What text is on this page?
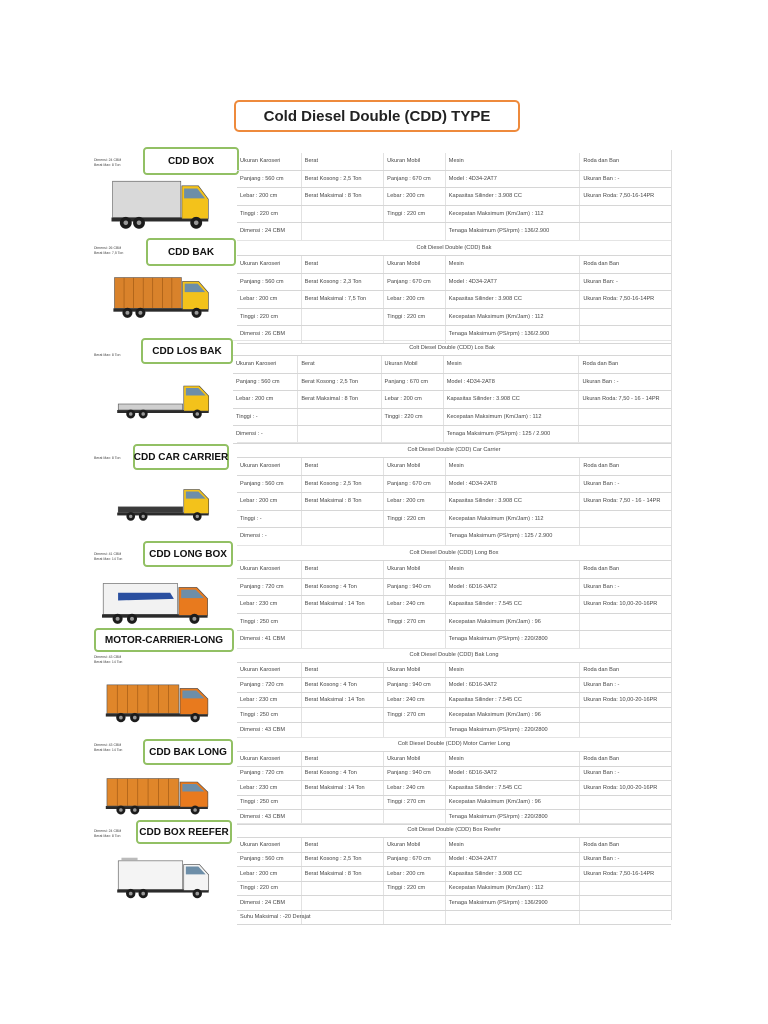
Cold Diesel Double (CDD) TYPE
CDD BOX
Dimensi: 24 CBM
Berat Max: 8 Ton
Ukuran Karoseri	Berat	Ukuran Mobil	Mesin	Roda dan Ban
Panjang : 560 cm	Berat Kosong : 2,5 Ton	Panjang : 670 cm	Model : 4D34-2AT7	Ukuran Ban : -
Lebar : 200 cm	Berat Maksimal : 8 Ton	Lebar : 200 cm	Kapasitas Silinder : 3.908 CC	Ukuran Roda: 7,50-16-14PR
Tinggi : 220 cm		Tinggi : 220 cm	Kecepatan Maksimum (Km/Jam) : 112	
Dimensi : 24 CBM			Tenaga Maksimum (PS/rpm) : 136/2.900	
CDD BAK
Dimensi: 26 CBM
Berat Max: 7,5 Ton
Colt Diesel Double (CDD) Bak
Ukuran Karoseri	Berat	Ukuran Mobil	Mesin	Roda dan Ban
Panjang : 560 cm	Berat Kosong : 2,3 Ton	Panjang : 670 cm	Model : 4D34-2AT7	Ukuran Ban: -
Lebar : 200 cm	Berat Maksimal : 7,5 Ton	Lebar : 200 cm	Kapasitas Silinder : 3.908 CC	Ukuran Roda: 7,50-16-14PR
Tinggi : 220 cm		Tinggi : 220 cm	Kecepatan Maksimum (Km/Jam) : 112	
Dimensi : 26 CBM			Tenaga Maksimum (PS/rpm) : 136/2.900	
CDD LOS BAK
Berat Max: 8 Ton
Colt Diesel Double (CDD) Los Bak
Ukuran Karoseri	Berat	Ukuran Mobil	Mesin	Roda dan Ban
Panjang : 560 cm	Berat Kosong : 2,5 Ton	Panjang : 670 cm	Model : 4D34-2AT8	Ukuran Ban : -
Lebar : 200 cm	Berat Maksimal : 8 Ton	Lebar : 200 cm	Kapasitas Silinder : 3.908 CC	Ukuran Roda: 7,50 - 16 - 14PR
Tinggi : -		Tinggi : 220 cm	Kecepatan Maksimum (Km/Jam) : 112	
Dimensi : -			Tenaga Maksimum (PS/rpm) : 125 / 2.900	
CDD CAR CARRIER
Berat Max: 8 Ton
Colt Diesel Double (CDD) Car Carrier
Ukuran Karoseri	Berat	Ukuran Mobil	Mesin	Roda dan Ban
Panjang : 560 cm	Berat Kosong : 2,5 Ton	Panjang : 670 cm	Model : 4D34-2AT8	Ukuran Ban : -
Lebar : 200 cm	Berat Maksimal : 8 Ton	Lebar : 200 cm	Kapasitas Silinder : 3.908 CC	Ukuran Roda: 7,50 - 16 - 14PR
Tinggi : -		Tinggi : 220 cm	Kecepatan Maksimum (Km/Jam) : 112	
Dimensi : -			Tenaga Maksimum (PS/rpm) : 125 / 2.900	
CDD LONG BOX
Dimensi: 41 CBM
Berat Max: 14 Ton
Colt Diesel Double (CDD) Long Box
Ukuran Karoseri	Berat	Ukuran Mobil	Mesin	Roda dan Ban
Panjang : 720 cm	Berat Kosong : 4 Ton	Panjang : 940 cm	Model : 6D16-3AT2	Ukuran Ban : -
Lebar : 230 cm	Berat Maksimal : 14 Ton	Lebar : 240 cm	Kapasitas Silinder : 7.545 CC	Ukuran Roda: 10,00-20-16PR
Tinggi : 250 cm		Tinggi : 270 cm	Kecepatan Maksimum (Km/Jam) : 96	
Dimensi : 41 CBM			Tenaga Maksimum (PS/rpm) : 220/2800	
MOTOR-CARRIER-LONG
Dimensi: 43 CBM
Berat Max: 14 Ton
Colt Diesel Double (CDD) Bak Long
Ukuran Karoseri	Berat	Ukuran Mobil	Mesin	Roda dan Ban
Panjang : 720 cm	Berat Kosong : 4 Ton	Panjang : 940 cm	Model : 6D16-3AT2	Ukuran Ban : -
Lebar : 230 cm	Berat Maksimal : 14 Ton	Lebar : 240 cm	Kapasitas Silinder : 7.545 CC	Ukuran Roda: 10,00-20-16PR
Tinggi : 250 cm		Tinggi : 270 cm	Kecepatan Maksimum (Km/Jam) : 96	
Dimensi : 43 CBM			Tenaga Maksimum (PS/rpm) : 220/2800	
CDD BAK LONG
Dimensi: 43 CBM
Berat Max: 14 Ton
Colt Diesel Double (CDD) Motor Carrier Long
Ukuran Karoseri	Berat	Ukuran Mobil	Mesin	Roda dan Ban
Panjang : 720 cm	Berat Kosong : 4 Ton	Panjang : 940 cm	Model : 6D16-3AT2	Ukuran Ban : -
Lebar : 230 cm	Berat Maksimal : 14 Ton	Lebar : 240 cm	Kapasitas Silinder : 7.545 CC	Ukuran Roda: 10,00-20-16PR
Tinggi : 250 cm		Tinggi : 270 cm	Kecepatan Maksimum (Km/Jam) : 96	
Dimensi : 43 CBM			Tenaga Maksimum (PS/rpm) : 220/2800	
CDD BOX REEFER
Dimensi: 24 CBM
Berat Max: 8 Ton
Colt Diesel Double (CDD) Box Reefer
Ukuran Karoseri	Berat	Ukuran Mobil	Mesin	Roda dan Ban
Panjang : 560 cm	Berat Kosong : 2,5 Ton	Panjang : 670 cm	Model : 4D34-2AT7	Ukuran Ban : -
Lebar : 200 cm	Berat Maksimal : 8 Ton	Lebar : 200 cm	Kapasitas Silinder : 3.908 CC	Ukuran Roda: 7,50-16-14PR
Tinggi : 220 cm		Tinggi : 220 cm	Kecepatan Maksimum (Km/Jam) : 112	
Dimensi : 24 CBM			Tenaga Maksimum (PS/rpm) : 136/2900	
Suhu Maksimal : -20 Derajat				
